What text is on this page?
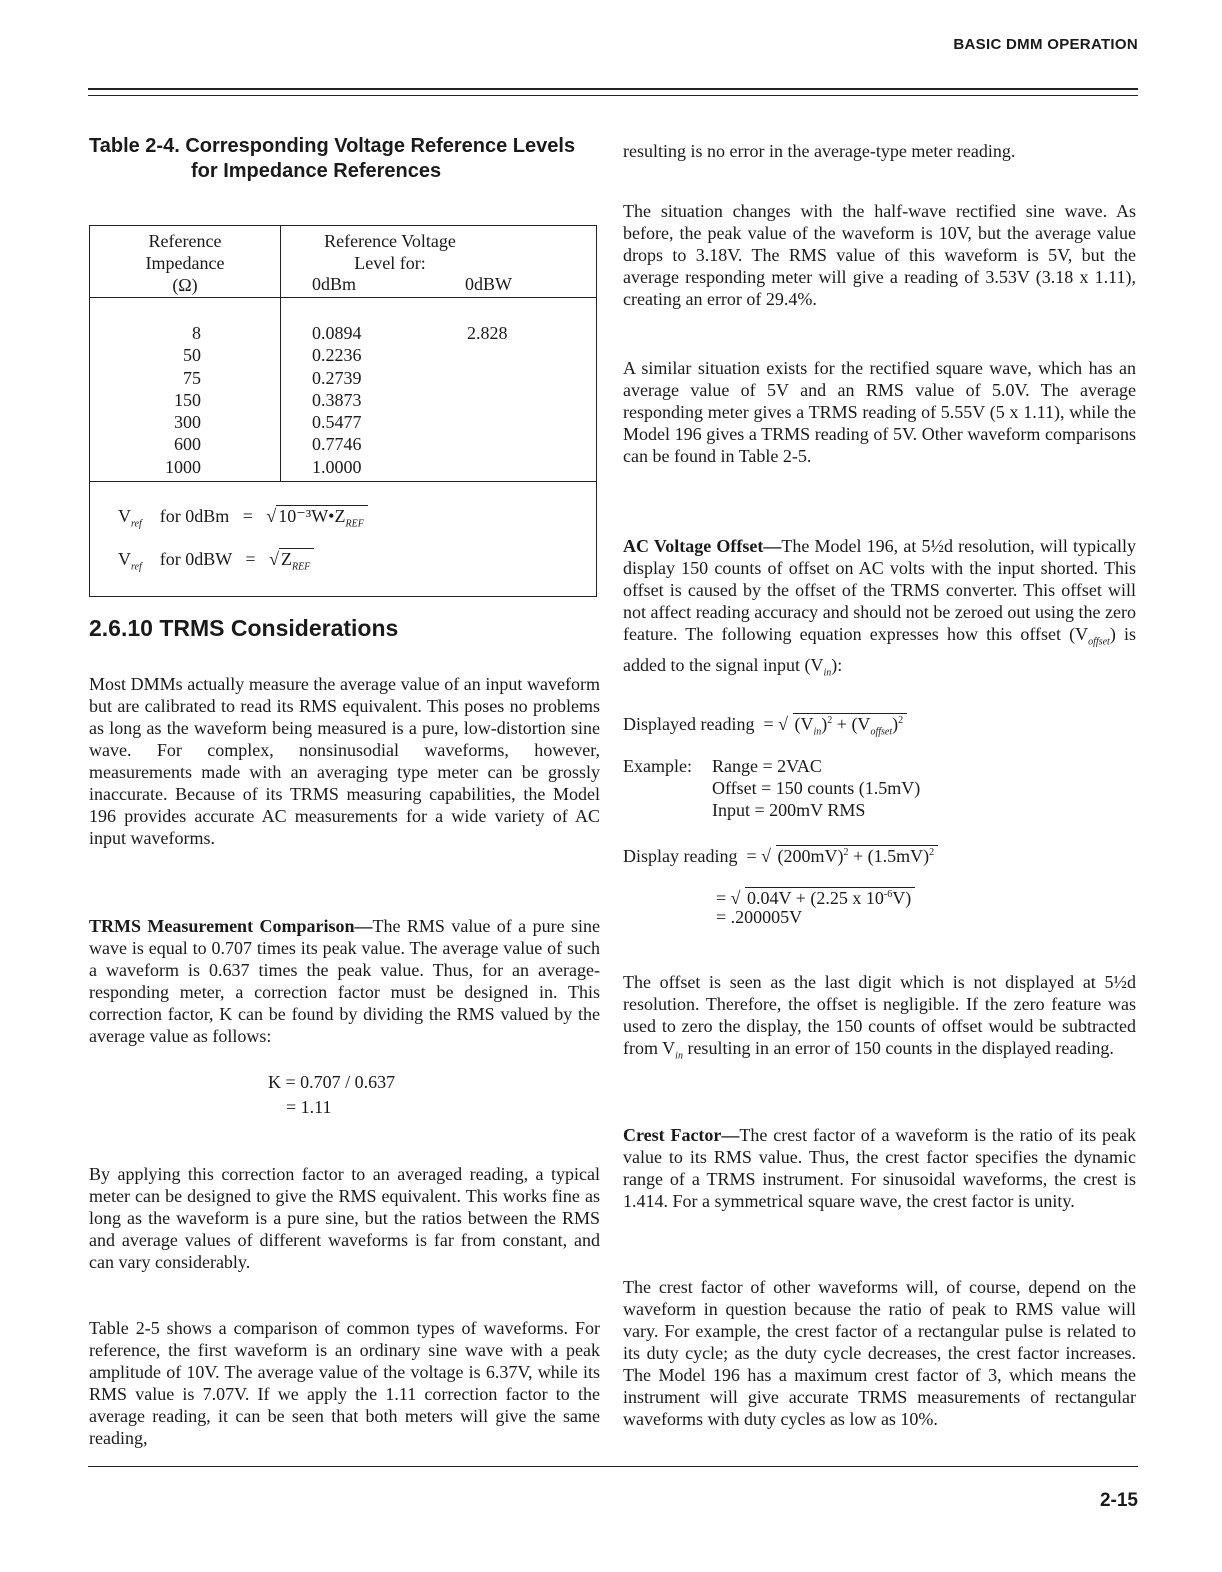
BASIC DMM OPERATION
Table 2-4. Corresponding Voltage Reference Levels
for Impedance References
Reference
Impedance
(Ω)
Reference Voltage
Level for:
0dBm	0dBW
8	0.0894	2.828
50	0.2236
75	0.2739
150	0.3873
300	0.5477
600	0.7746
1000	1.0000
$V_{ref}$ for 0dBm = √ $10^{-3}W•Z_{REF}$
$V_{ref}$ for 0dBW = √ $Z_{REF}$
2.6.10 TRMS Considerations

Most DMMs actually measure the average value of an input waveform but are calibrated to read its RMS equivalent. This poses no problems as long as the waveform being measured is a pure, low-distortion sine wave. For complex, nonsinusodial waveforms, however, measurements made with an averaging type meter can be grossly inaccurate. Because of its TRMS measuring capabilities, the Model 196 provides accurate AC measurements for a wide variety of AC input waveforms.

TRMS Measurement Comparison—The RMS value of a pure sine wave is equal to 0.707 times its peak value. The average value of such a waveform is 0.637 times the peak value. Thus, for an average-responding meter, a correction factor must be designed in. This correction factor, K can be found by dividing the RMS valued by the average value as follows:

K = 0.707 / 0.637
= 1.11

By applying this correction factor to an averaged reading, a typical meter can be designed to give the RMS equivalent. This works fine as long as the waveform is a pure sine, but the ratios between the RMS and average values of different waveforms is far from constant, and can vary considerably.

Table 2-5 shows a comparison of common types of waveforms. For reference, the first waveform is an ordinary sine wave with a peak amplitude of 10V. The average value of the voltage is 6.37V, while its RMS value is 7.07V. If we apply the 1.11 correction factor to the average reading, it can be seen that both meters will give the same reading,

resulting is no error in the average-type meter reading.

The situation changes with the half-wave rectified sine wave. As before, the peak value of the waveform is 10V, but the average value drops to 3.18V. The RMS value of this waveform is 5V, but the average responding meter will give a reading of 3.53V (3.18 x 1.11), creating an error of 29.4%.

A similar situation exists for the rectified square wave, which has an average value of 5V and an RMS value of 5.0V. The average responding meter gives a TRMS reading of 5.55V (5 x 1.11), while the Model 196 gives a TRMS reading of 5V. Other waveform comparisons can be found in Table 2-5.

AC Voltage Offset—The Model 196, at 5½d resolution, will typically display 150 counts of offset on AC volts with the input shorted. This offset is caused by the offset of the TRMS converter. This offset will not affect reading accuracy and should not be zeroed out using the zero feature. The following equation expresses how this offset $(V_{offset})$ is added to the signal input $(V_{in})$:

Displayed reading = √ $(V_{in})^2 + (V_{offset})^2$
Example: Range = 2VAC
Offset = 150 counts (1.5mV)
Input = 200mV RMS
Display reading = √ $(200mV)^2 + (1.5mV)^2$
= √ 0.04V + (2.25 x $10^{-6}V$)
= .200005V

The offset is seen as the last digit which is not displayed at 5½d resolution. Therefore, the offset is negligible. If the zero feature was used to zero the display, the 150 counts of offset would be subtracted from $V_{in}$ resulting in an error of 150 counts in the displayed reading.

Crest Factor—The crest factor of a waveform is the ratio of its peak value to its RMS value. Thus, the crest factor specifies the dynamic range of a TRMS instrument. For sinusoidal waveforms, the crest is 1.414. For a symmetrical square wave, the crest factor is unity.

The crest factor of other waveforms will, of course, depend on the waveform in question because the ratio of peak to RMS value will vary. For example, the crest factor of a rectangular pulse is related to its duty cycle; as the duty cycle decreases, the crest factor increases. The Model 196 has a maximum crest factor of 3, which means the instrument will give accurate TRMS measurements of rectangular waveforms with duty cycles as low as 10%.

2-15
